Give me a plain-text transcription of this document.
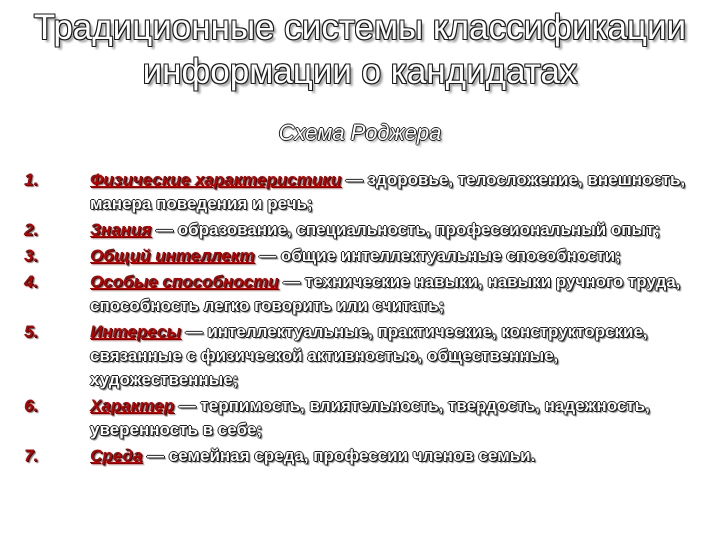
Традиционные системы классификации
информации о кандидатах
Схема Роджера
1.	Физические характеристики — здоровье, телосложение, внешность, манера поведения и речь;
2.	Знания — образование, специальность, профессиональный опыт;
3.	Общий интеллект — общие интеллектуальные способности;
4.	Особые способности — технические навыки, навыки ручного труда, способность легко говорить или считать;
5.	Интересы — интеллектуальные, практические, конструкторские, связанные с физической активностью, общественные, художественные;
6.	Характер — терпимость, влиятельность, твердость, надежность, уверенность в себе;
7.	Среда — семейная среда, профессии членов семьи.
